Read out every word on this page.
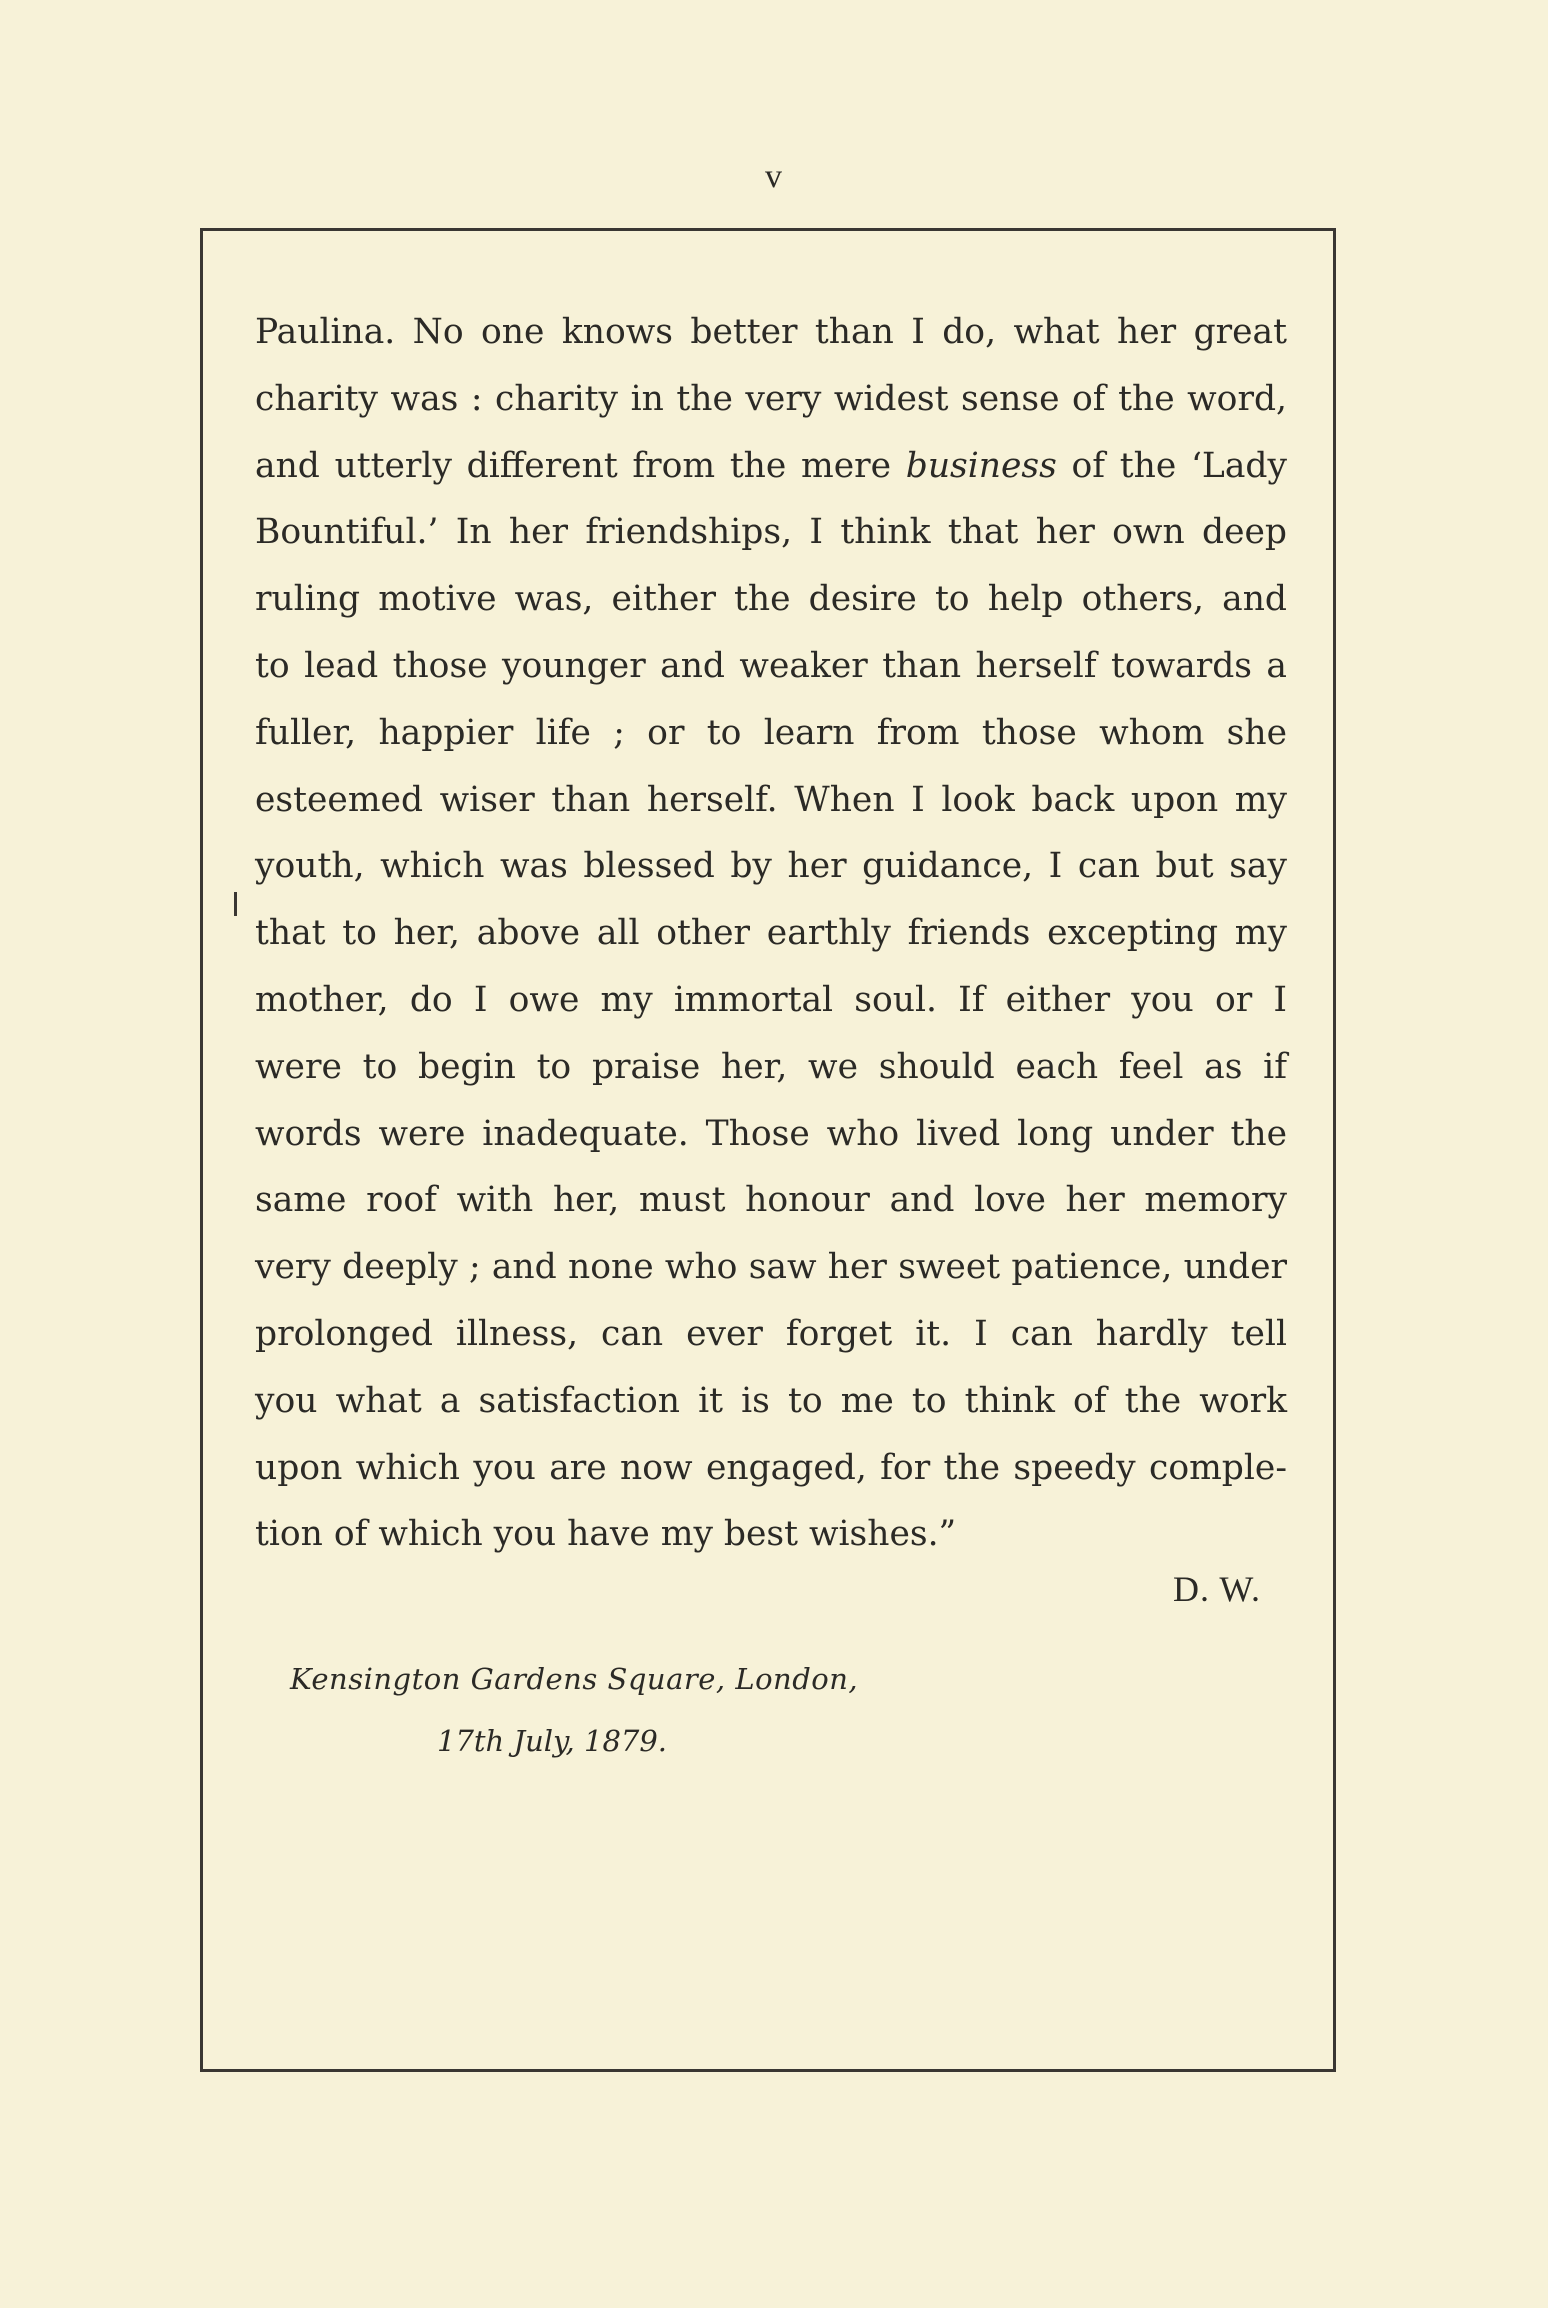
v
Paulina. No one knows better than I do, what her great
charity was : charity in the very widest sense of the word,
and utterly different from the mere business of the ‘Lady
Bountiful.’ In her friendships, I think that her own deep
ruling motive was, either the desire to help others, and
to lead those younger and weaker than herself towards a
fuller, happier life ; or to learn from those whom she
esteemed wiser than herself. When I look back upon my
youth, which was blessed by her guidance, I can but say
that to her, above all other earthly friends excepting my
mother, do I owe my immortal soul. If either you or I
were to begin to praise her, we should each feel as if
words were inadequate. Those who lived long under the
same roof with her, must honour and love her memory
very deeply ; and none who saw her sweet patience, under
prolonged illness, can ever forget it. I can hardly tell
you what a satisfaction it is to me to think of the work
upon which you are now engaged, for the speedy comple-
tion of which you have my best wishes.”
D. W.
Kensington Gardens Square, London,
17th July, 1879.
